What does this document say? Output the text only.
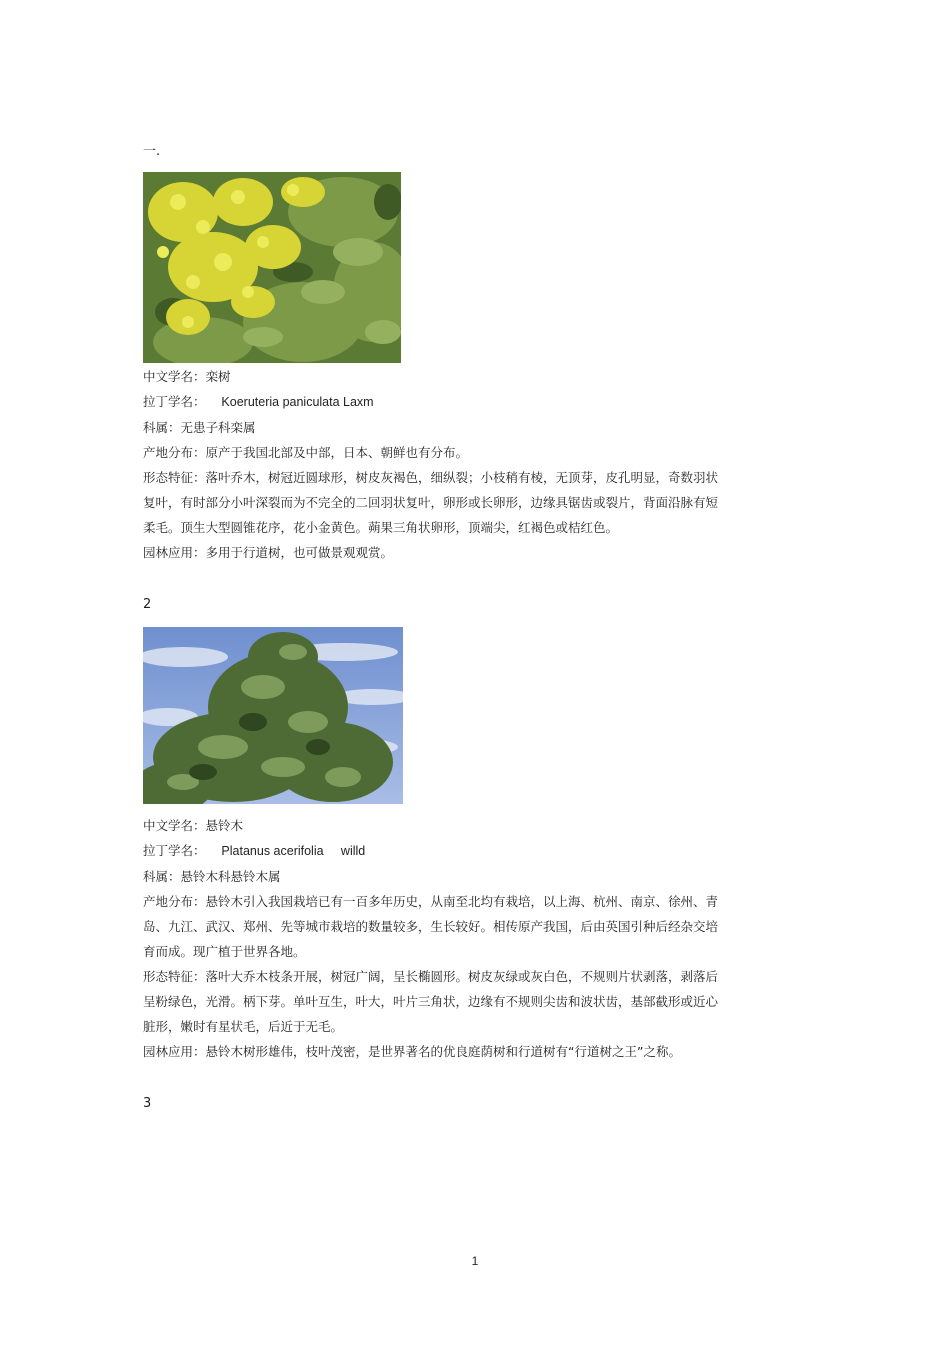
一.

中文学名：栾树

拉丁学名： Koeruteria paniculata Laxm

科属：无患子科栾属

产地分布：原产于我国北部及中部，日本、朝鲜也有分布。

形态特征：落叶乔木，树冠近圆球形，树皮灰褐色，细纵裂；小枝稍有棱，无顶芽，皮孔明显，奇数羽状

复叶，有时部分小叶深裂而为不完全的二回羽状复叶，卵形或长卵形，边缘具锯齿或裂片，背面沿脉有短

柔毛。顶生大型圆锥花序，花小金黄色。蒴果三角状卵形，顶端尖，红褐色或桔红色。

园林应用：多用于行道树，也可做景观观赏。

2

中文学名：悬铃木

拉丁学名： Platanus acerifolia     willd

科属：悬铃木科悬铃木属

产地分布：悬铃木引入我国栽培已有一百多年历史，从南至北均有栽培，以上海、杭州、南京、徐州、青

岛、九江、武汉、郑州、先等城市栽培的数量较多，生长较好。相传原产我国，后由英国引种后经杂交培

育而成。现广植于世界各地。

形态特征：落叶大乔木枝条开展，树冠广阔，呈长椭圆形。树皮灰绿或灰白色，不规则片状剥落，剥落后

呈粉绿色，光滑。柄下芽。单叶互生，叶大，叶片三角状，边缘有不规则尖齿和波状齿，基部截形或近心

脏形，嫩时有星状毛，后近于无毛。

园林应用：悬铃木树形雄伟，枝叶茂密，是世界著名的优良庭荫树和行道树有“行道树之王”之称。

3
1
